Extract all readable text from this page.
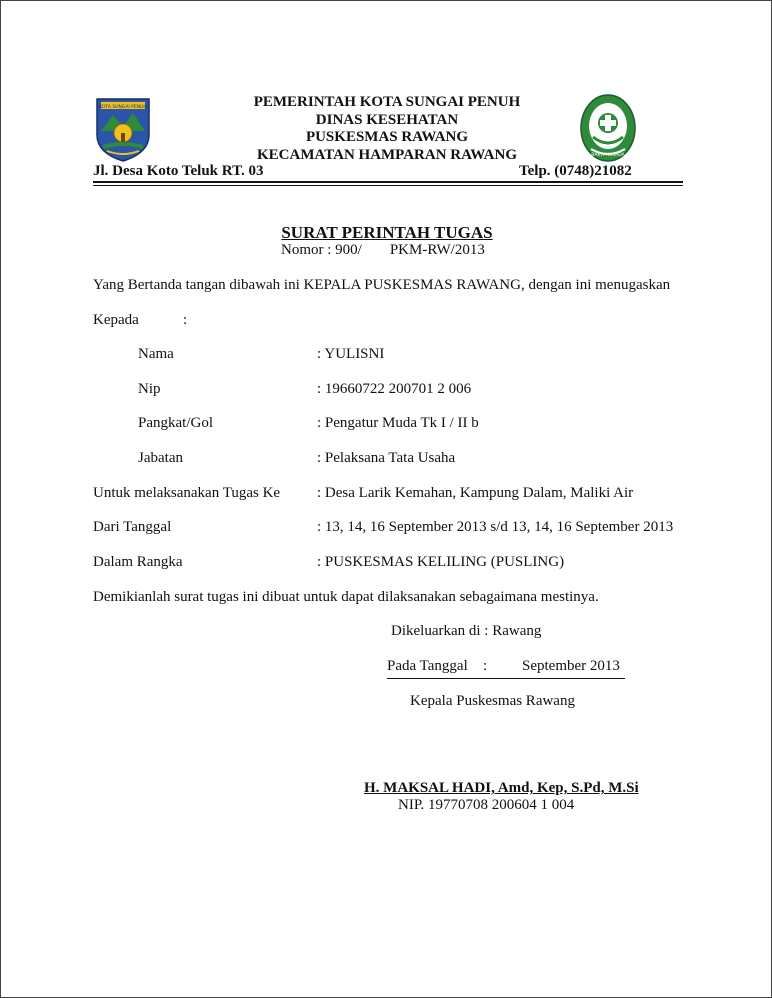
KOTA SUNGAI PENUH
BAKTI HUSADA
PEMERINTAH KOTA SUNGAI PENUH
DINAS KESEHATAN
PUSKESMAS RAWANG
KECAMATAN HAMPARAN RAWANG
Jl. Desa Koto Teluk RT. 03	Telp. (0748)21082
SURAT PERINTAH TUGAS
Nomor : 900/ PKM-RW/2013
Yang Bertanda tangan dibawah ini KEPALA PUSKESMAS RAWANG, dengan ini menugaskan
Kepada	:
Nama	: YULISNI
Nip	: 19660722 200701 2 006
Pangkat/Gol	: Pengatur Muda Tk I / II b
Jabatan	: Pelaksana Tata Usaha
Untuk melaksanakan Tugas Ke : Desa Larik Kemahan, Kampung Dalam, Maliki Air
Dari Tanggal	: 13, 14, 16 September 2013 s/d 13, 14, 16 September 2013
Dalam Rangka	: PUSKESMAS KELILING (PUSLING)
Demikianlah surat tugas ini dibuat untuk dapat dilaksanakan sebagaimana mestinya.
Dikeluarkan di : Rawang
Pada Tanggal : September 2013
Kepala Puskesmas Rawang
H. MAKSAL HADI, Amd, Kep, S.Pd, M.Si
NIP. 19770708 200604 1 004
